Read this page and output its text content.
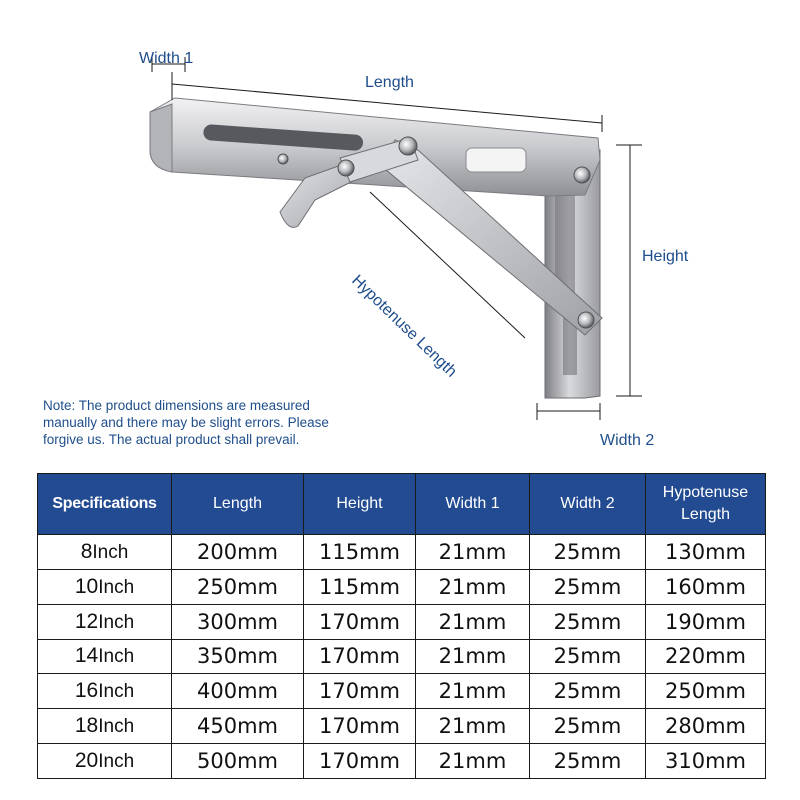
Width 1
Length
Height
Width 2
Hypotenuse Length
Note: The product dimensions are measured
manually and there may be slight errors. Please
forgive us. The actual product shall prevail.
Specifications	Length	Height	Width 1	Width 2	Hypotenuse Length
8Inch	200mm	115mm	21mm	25mm	130mm
10Inch	250mm	115mm	21mm	25mm	160mm
12Inch	300mm	170mm	21mm	25mm	190mm
14Inch	350mm	170mm	21mm	25mm	220mm
16Inch	400mm	170mm	21mm	25mm	250mm
18Inch	450mm	170mm	21mm	25mm	280mm
20Inch	500mm	170mm	21mm	25mm	310mm
